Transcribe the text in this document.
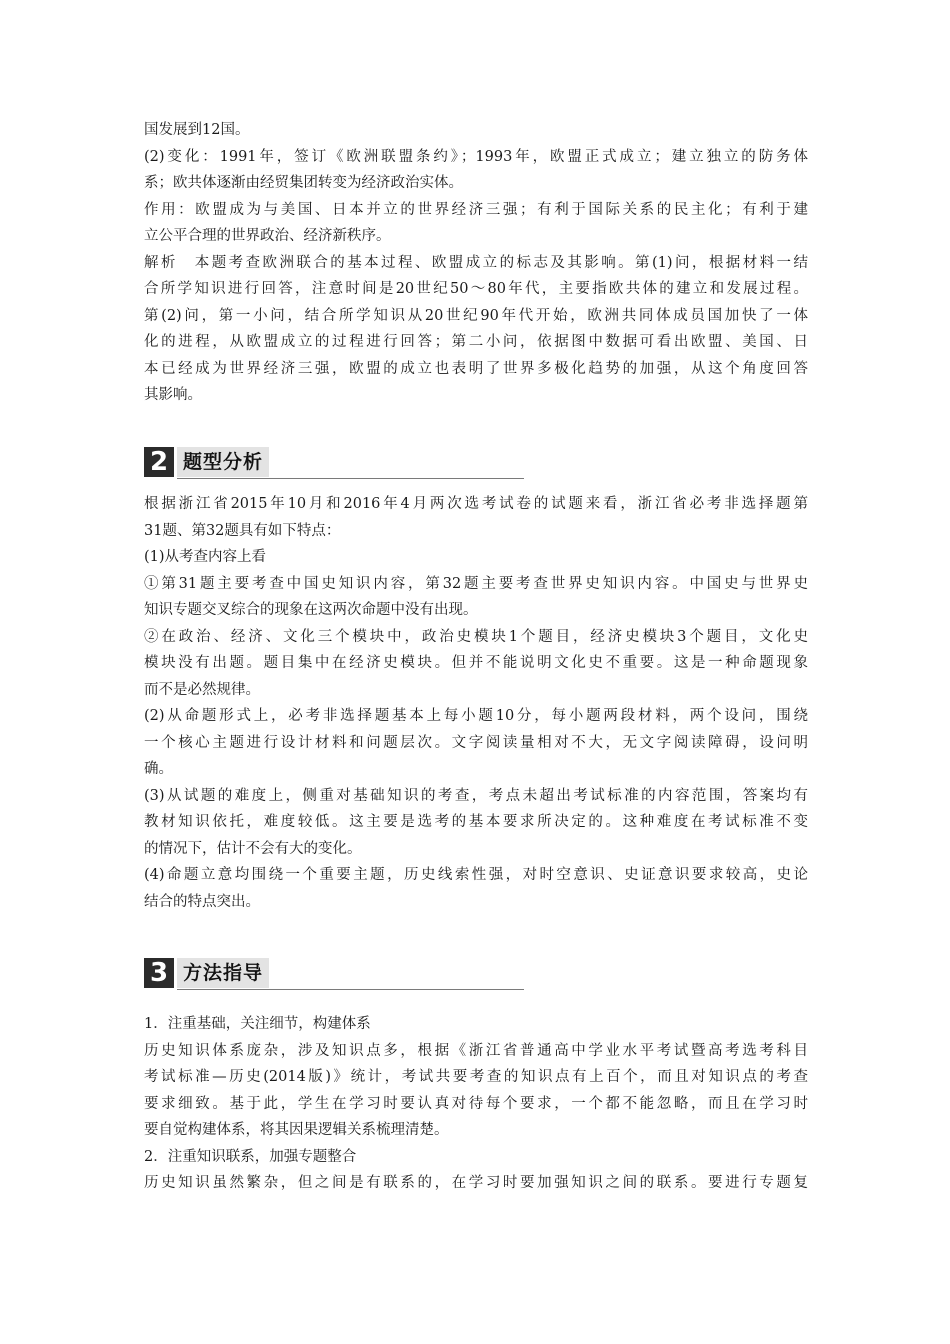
国发展到12国。

(2)变化：1991年，签订《欧洲联盟条约》；1993年，欧盟正式成立；建立独立的防务体

系；欧共体逐渐由经贸集团转变为经济政治实体。

作用：欧盟成为与美国、日本并立的世界经济三强；有利于国际关系的民主化；有利于建

立公平合理的世界政治、经济新秩序。

解析　本题考查欧洲联合的基本过程、欧盟成立的标志及其影响。第(1)问，根据材料一结

合所学知识进行回答，注意时间是20世纪50～80年代，主要指欧共体的建立和发展过程。

第(2)问，第一小问，结合所学知识从20世纪90年代开始，欧洲共同体成员国加快了一体

化的进程，从欧盟成立的过程进行回答；第二小问，依据图中数据可看出欧盟、美国、日

本已经成为世界经济三强，欧盟的成立也表明了世界多极化趋势的加强，从这个角度回答

其影响。

2 题型分析

根据浙江省2015年10月和2016年4月两次选考试卷的试题来看，浙江省必考非选择题第

31题、第32题具有如下特点：

(1)从考查内容上看

①第31题主要考查中国史知识内容，第32题主要考查世界史知识内容。中国史与世界史

知识专题交叉综合的现象在这两次命题中没有出现。

②在政治、经济、文化三个模块中，政治史模块1个题目，经济史模块3个题目，文化史

模块没有出题。题目集中在经济史模块。但并不能说明文化史不重要。这是一种命题现象

而不是必然规律。

(2)从命题形式上，必考非选择题基本上每小题10分，每小题两段材料，两个设问，围绕

一个核心主题进行设计材料和问题层次。文字阅读量相对不大，无文字阅读障碍，设问明

确。

(3)从试题的难度上，侧重对基础知识的考查，考点未超出考试标准的内容范围，答案均有

教材知识依托，难度较低。这主要是选考的基本要求所决定的。这种难度在考试标准不变

的情况下，估计不会有大的变化。

(4)命题立意均围绕一个重要主题，历史线索性强，对时空意识、史证意识要求较高，史论

结合的特点突出。

3 方法指导

1．注重基础，关注细节，构建体系

历史知识体系庞杂，涉及知识点多，根据《浙江省普通高中学业水平考试暨高考选考科目

考试标准—历史(2014版)》统计，考试共要考查的知识点有上百个，而且对知识点的考查

要求细致。基于此，学生在学习时要认真对待每个要求，一个都不能忽略，而且在学习时

要自觉构建体系，将其因果逻辑关系梳理清楚。

2．注重知识联系，加强专题整合

历史知识虽然繁杂，但之间是有联系的，在学习时要加强知识之间的联系。要进行专题复
